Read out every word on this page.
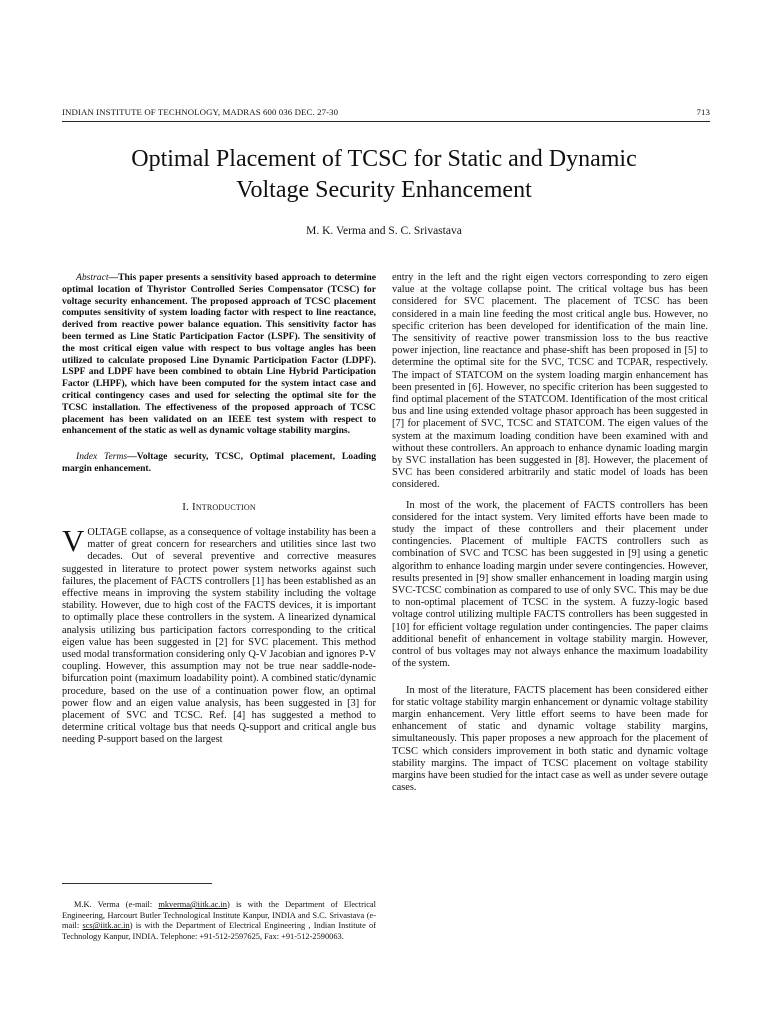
INDIAN INSTITUTE OF TECHNOLOGY, MADRAS 600 036 DEC. 27-30	713
Optimal Placement of TCSC for Static and Dynamic
Voltage Security Enhancement
M. K. Verma and S. C. Srivastava

Abstract—This paper presents a sensitivity based approach to determine optimal location of Thyristor Controlled Series Compensator (TCSC) for voltage security enhancement. The proposed approach of TCSC placement computes sensitivity of system loading factor with respect to line reactance, derived from reactive power balance equation. This sensitivity factor has been termed as Line Static Participation Factor (LSPF). The sensitivity of the most critical eigen value with respect to bus voltage angles has been utilized to calculate proposed Line Dynamic Participation Factor (LDPF). LSPF and LDPF have been combined to obtain Line Hybrid Participation Factor (LHPF), which have been computed for the system intact case and critical contingency cases and used for selecting the optimal site for the TCSC installation. The effectiveness of the proposed approach of TCSC placement has been validated on an IEEE test system with respect to enhancement of the static as well as dynamic voltage stability margins.

Index Terms—Voltage security, TCSC, Optimal placement, Loading margin enhancement.

I. Introduction

VOLTAGE collapse, as a consequence of voltage instability has been a matter of great concern for researchers and utilities since last two decades. Out of several preventive and corrective measures suggested in literature to protect power system networks against such failures, the placement of FACTS controllers [1] has been established as an effective means in improving the system stability including the voltage stability. However, due to high cost of the FACTS devices, it is important to optimally place these controllers in the system. A linearized dynamical analysis utilizing bus participation factors corresponding to the critical eigen value has been suggested in [2] for SVC placement. This method used modal transformation considering only Q-V Jacobian and ignores P-V coupling. However, this assumption may not be true near saddle-node-bifurcation point (maximum loadability point). A combined static/dynamic procedure, based on the use of a continuation power flow, an optimal power flow and an eigen value analysis, has been suggested in [3] for placement of SVC and TCSC. Ref. [4] has suggested a method to determine critical voltage bus that needs Q-support and critical angle bus needing P-support based on the largest

entry in the left and the right eigen vectors corresponding to zero eigen value at the voltage collapse point. The critical voltage bus has been considered for SVC placement. The placement of TCSC has been considered in a main line feeding the most critical angle bus. However, no specific criterion has been developed for identification of the main line. The sensitivity of reactive power transmission loss to the bus reactive power injection, line reactance and phase-shift has been proposed in [5] to determine the optimal site for the SVC, TCSC and TCPAR, respectively. The impact of STATCOM on the system loading margin enhancement has been presented in [6]. However, no specific criterion has been suggested to find optimal placement of the STATCOM. Identification of the most critical bus and line using extended voltage phasor approach has been suggested in [7] for placement of SVC, TCSC and STATCOM. The eigen values of the system at the maximum loading condition have been examined with and without these controllers. An approach to enhance dynamic loading margin by SVC installation has been suggested in [8]. However, the placement of SVC has been considered arbitrarily and static model of loads has been considered.

In most of the work, the placement of FACTS controllers has been considered for the intact system. Very limited efforts have been made to study the impact of these controllers and their placement under contingencies. Placement of multiple FACTS controllers such as combination of SVC and TCSC has been suggested in [9] using a genetic algorithm to enhance loading margin under severe contingencies. However, results presented in [9] show smaller enhancement in loading margin using SVC-TCSC combination as compared to use of only SVC. This may be due to non-optimal placement of TCSC in the system. A fuzzy-logic based voltage control utilizing multiple FACTS controllers has been suggested in [10] for efficient voltage regulation under contingencies. The paper claims additional benefit of enhancement in voltage stability margin. However, control of bus voltages may not always enhance the maximum loadability of the system.

In most of the literature, FACTS placement has been considered either for static voltage stability margin enhancement or dynamic voltage stability margin enhancement. Very little effort seems to have been made for enhancement of static and dynamic voltage stability margins, simultaneously. This paper proposes a new approach for the placement of TCSC which considers improvement in both static and dynamic voltage stability margins. The impact of TCSC placement on voltage stability margins have been studied for the intact case as well as under severe outage cases.

M.K. Verma (e-mail: mkverma@iitk.ac.in) is with the Department of Electrical Engineering, Harcourt Butler Technological Institute Kanpur, INDIA and S.C. Srivastava (e-mail: scs@iitk.ac.in) is with the Department of Electrical Engineering , Indian Institute of Technology Kanpur, INDIA. Telephone: +91-512-2597625, Fax: +91-512-2590063.
